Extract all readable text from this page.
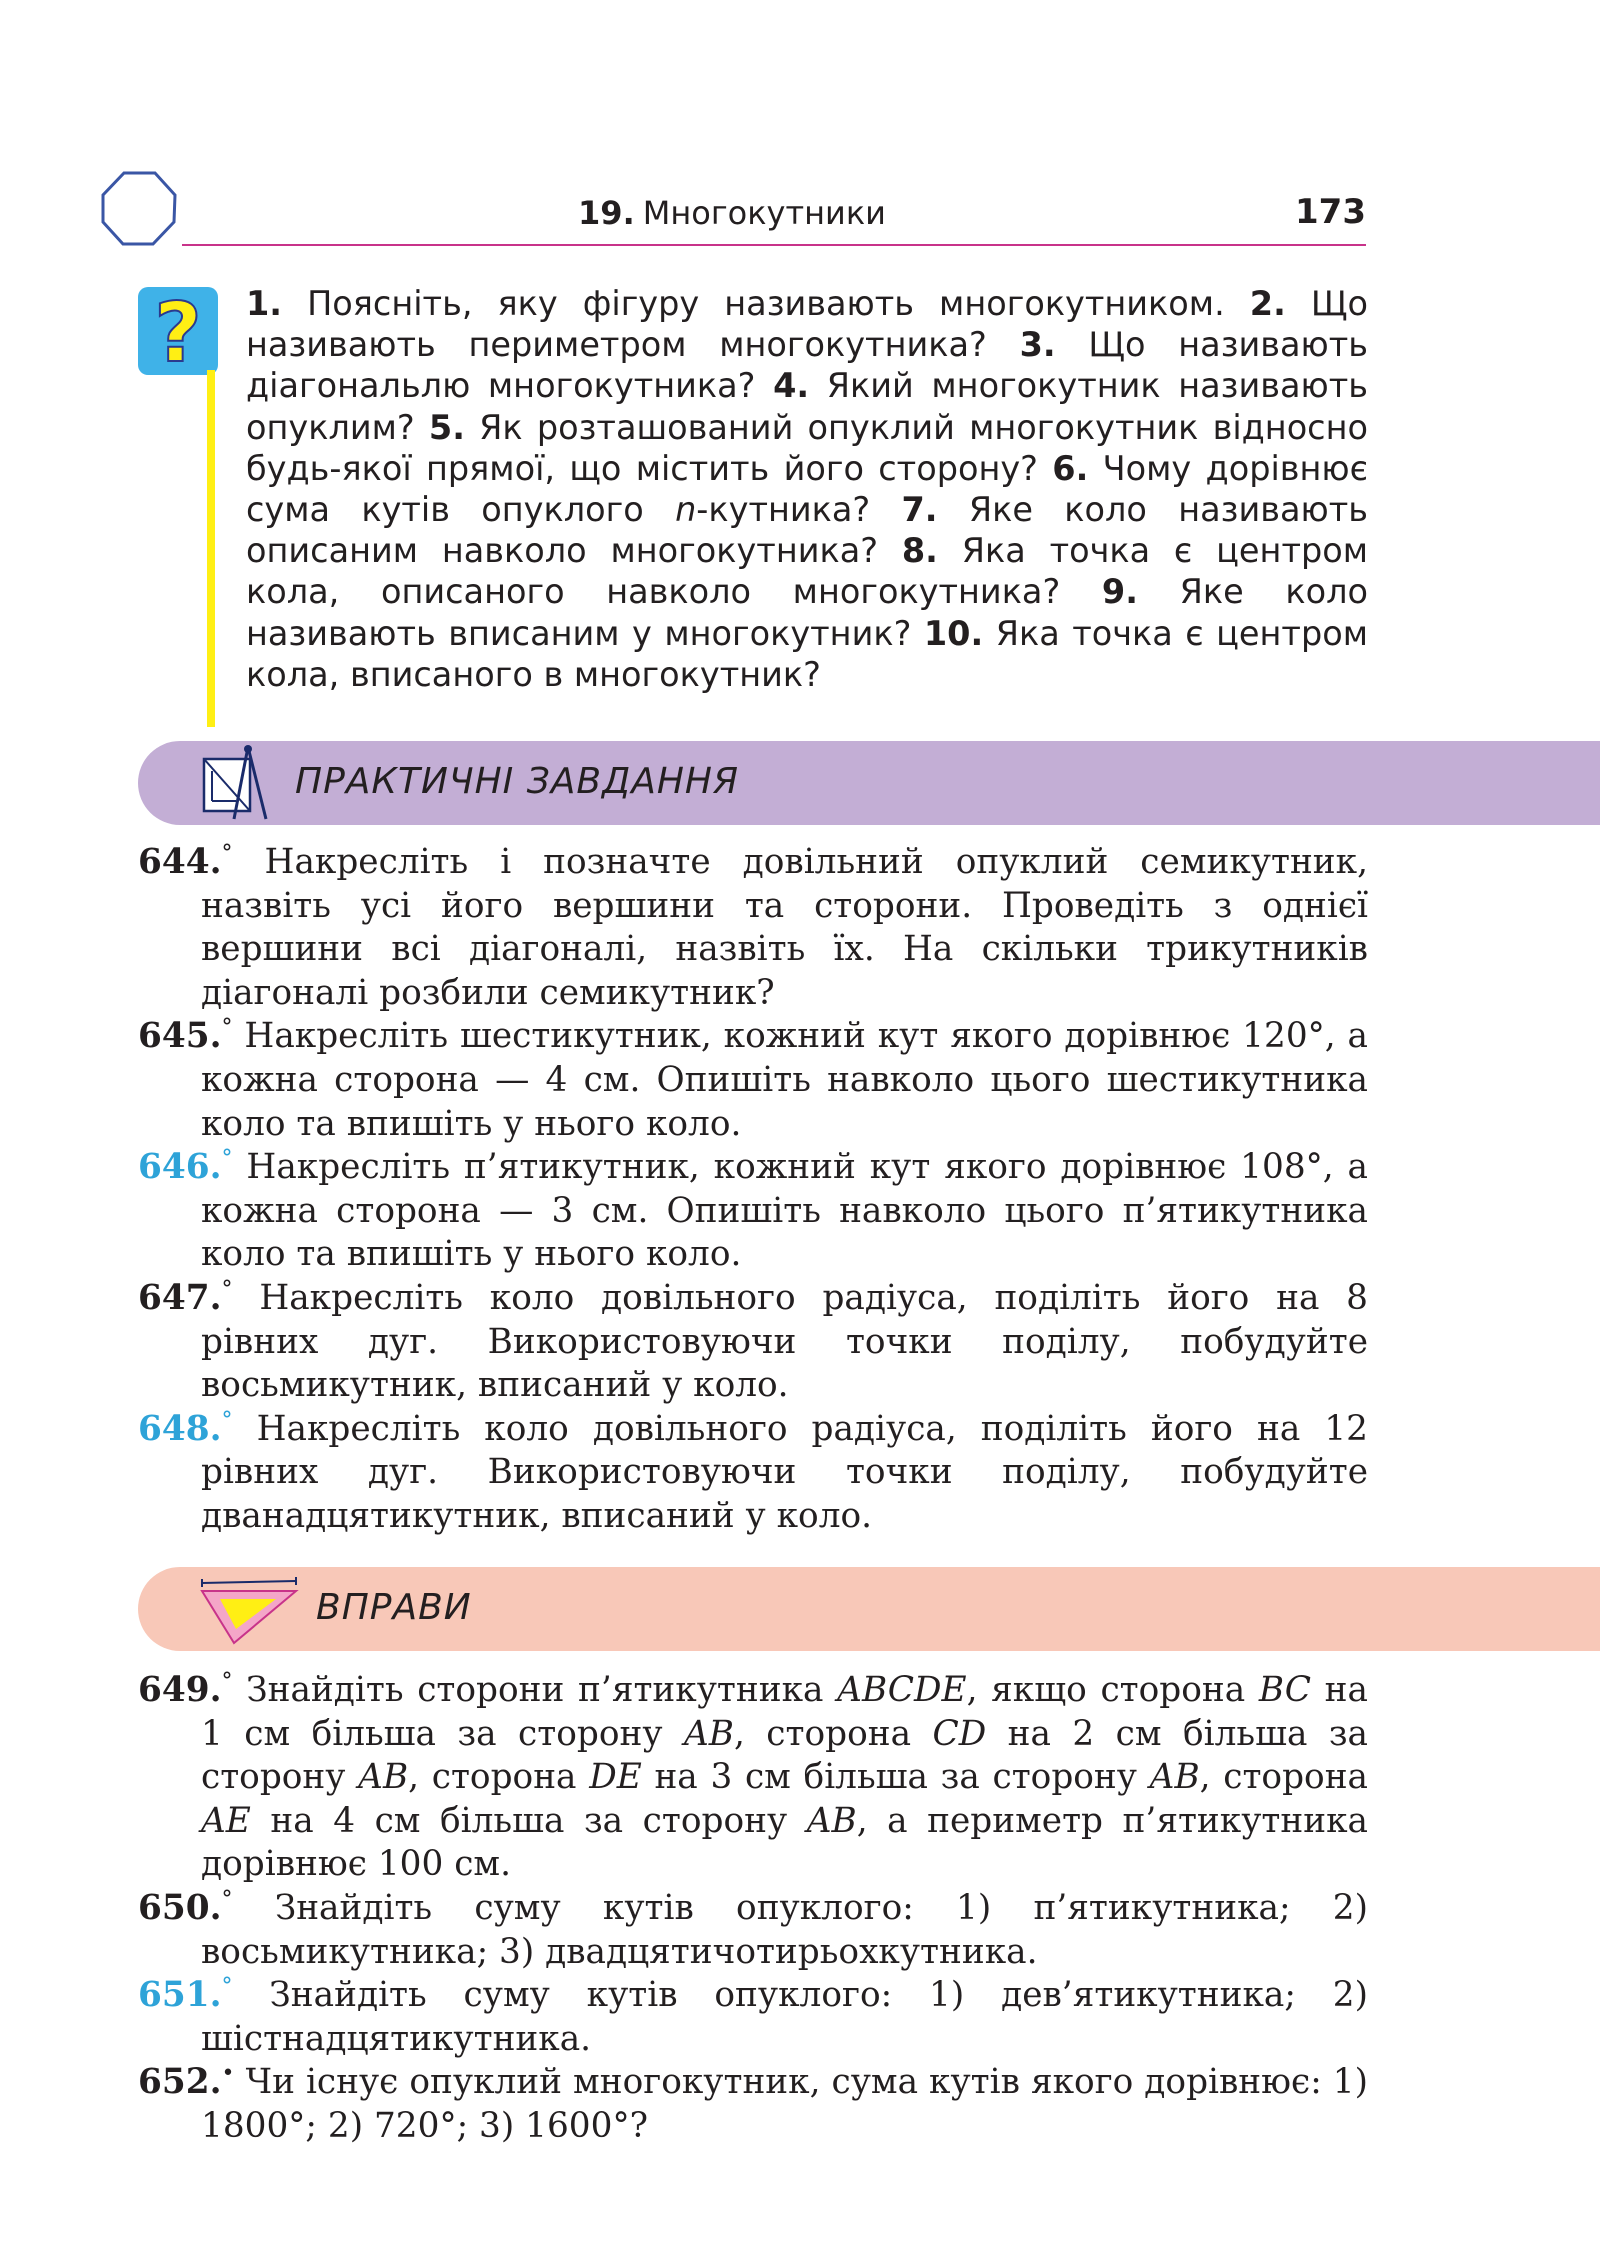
19. Многокутники	173
? 1. Поясніть, яку фігуру називають многокутником. 2. Що називають периметром многокутника? 3. Що називають діагональлю многокутника? 4. Який многокутник називають опуклим? 5. Як розташований опуклий многокутник відносно будь-якої прямої, що містить його сторону? 6. Чому дорівнює сума кутів опуклого n-кутника? 7. Яке коло називають описаним навколо многокутника? 8. Яка точка є центром кола, описаного навколо многокутника? 9. Яке коло називають вписаним у многокутник? 10. Яка точка є центром кола, вписаного в многокутник?
ПРАКТИЧНІ ЗАВДАННЯ
644.° Накресліть і позначте довільний опуклий семикутник, назвіть усі його вершини та сторони. Проведіть з однієї вершини всі діагоналі, назвіть їх. На скільки трикутників діагоналі розбили семикутник?
645.° Накресліть шестикутник, кожний кут якого дорівнює 120°, а кожна сторона — 4 см. Опишіть навколо цього шестикутника коло та впишіть у нього коло.
646.° Накресліть п’ятикутник, кожний кут якого дорівнює 108°, а кожна сторона — 3 см. Опишіть навколо цього п’ятикутника коло та впишіть у нього коло.
647.° Накресліть коло довільного радіуса, поділіть його на 8 рівних дуг. Використовуючи точки поділу, побудуйте восьмикутник, вписаний у коло.
648.° Накресліть коло довільного радіуса, поділіть його на 12 рівних дуг. Використовуючи точки поділу, побудуйте дванадцятикутник, вписаний у коло.
ВПРАВИ
649.° Знайдіть сторони п’ятикутника ABCDE, якщо сторона BC на 1 см більша за сторону AB, сторона CD на 2 см більша за сторону AB, сторона DE на 3 см більша за сторону AB, сторона AE на 4 см більша за сторону AB, а периметр п’ятикутника дорівнює 100 см.
650.° Знайдіть суму кутів опуклого: 1) п’ятикутника; 2) восьмикутника; 3) двадцятичотирьохкутника.
651.° Знайдіть суму кутів опуклого: 1) дев’ятикутника; 2) шістнадцятикутника.
652.• Чи існує опуклий многокутник, сума кутів якого дорівнює: 1) 1800°; 2) 720°; 3) 1600°?
